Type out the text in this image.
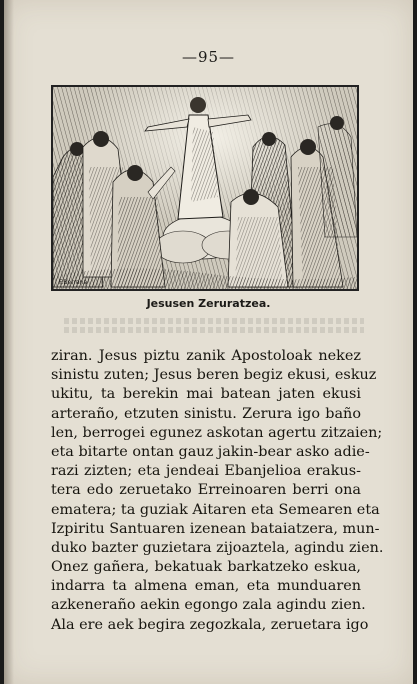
—95—
F.Berrana
Jesusen Zeruratzea.
ziran. Jesus piztu zanik Apostoloak nekez
sinistu zuten; Jesus beren begiz ekusi, eskuz
ukitu, ta berekin mai batean jaten ekusi
arteraño, etzuten sinistu. Zerura igo baño
len, berrogei egunez askotan agertu zitzaien;
eta bitarte ontan gauz jakin-bear asko adie-
razi zizten; eta jendeai Ebanjelioa erakus-
tera edo zeruetako Erreinoaren berri ona
ematera; ta guziak Aitaren eta Semearen eta
Izpiritu Santuaren izenean bataiatzera, mun-
duko bazter guzietara zijoaztela, agindu zien.
Onez gañera, bekatuak barkatzeko eskua,
indarra ta almena eman, eta munduaren
azkeneraño aekin egongo zala agindu zien.
Ala ere aek begira zegozkala, zeruetara igo
